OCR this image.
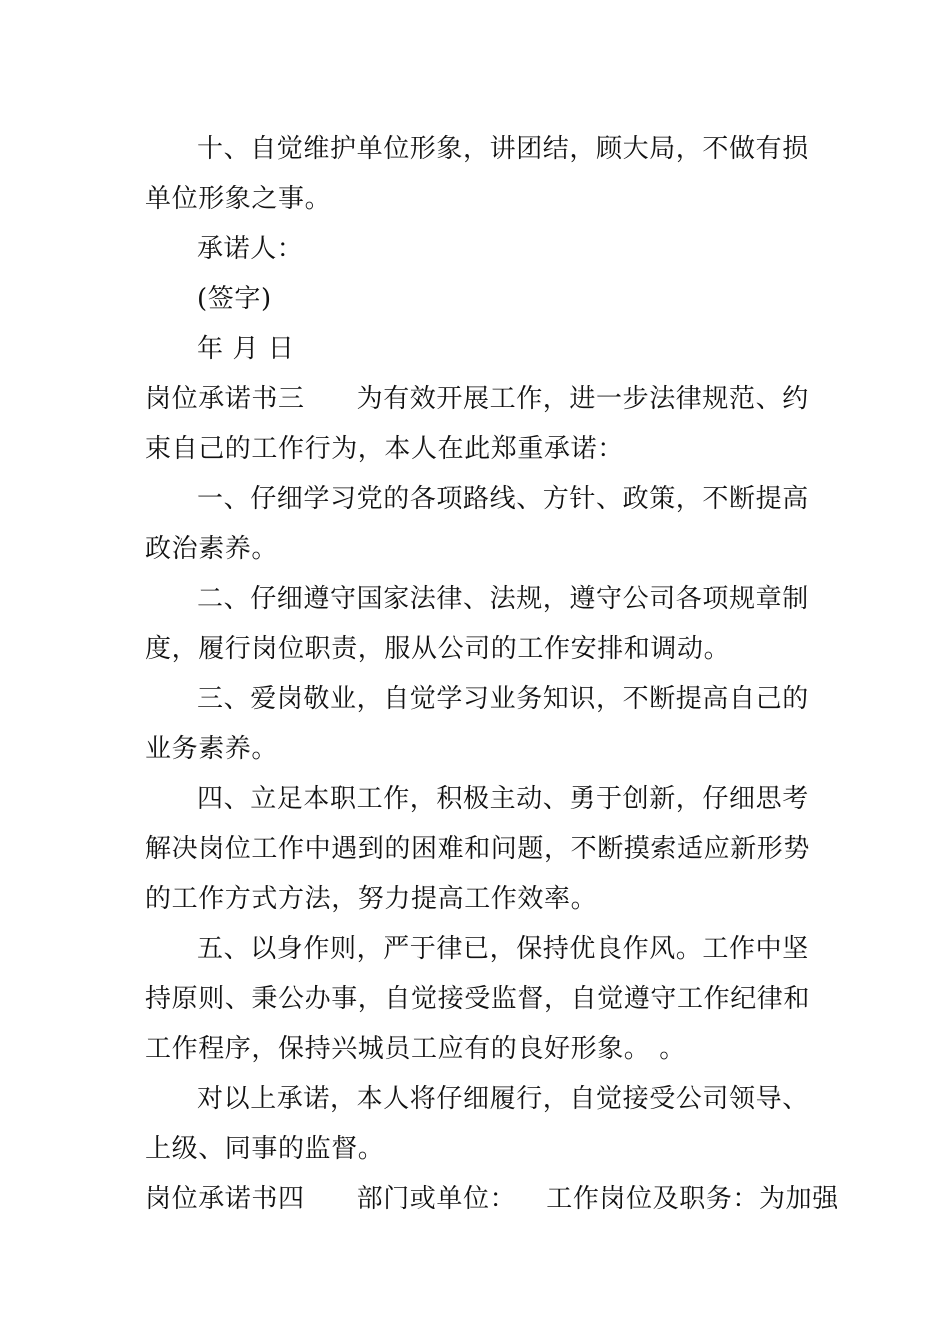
十、自觉维护单位形象，讲团结，顾大局，不做有损
单位形象之事。
承诺人：
(签字)
年 月 日
岗位承诺书三 为有效开展工作，进一步法律规范、约
束自己的工作行为，本人在此郑重承诺：
一、仔细学习党的各项路线、方针、政策，不断提高
政治素养。
二、仔细遵守国家法律、法规，遵守公司各项规章制
度，履行岗位职责，服从公司的工作安排和调动。
三、爱岗敬业，自觉学习业务知识，不断提高自己的
业务素养。
四、立足本职工作，积极主动、勇于创新，仔细思考
解决岗位工作中遇到的困难和问题，不断摸索适应新形势
的工作方式方法，努力提高工作效率。
五、以身作则，严于律已，保持优良作风。工作中坚
持原则、秉公办事，自觉接受监督，自觉遵守工作纪律和
工作程序，保持兴城员工应有的良好形象。 。
对以上承诺，本人将仔细履行，自觉接受公司领导、
上级、同事的监督。
岗位承诺书四 部门或单位： 工作岗位及职务：为加强
